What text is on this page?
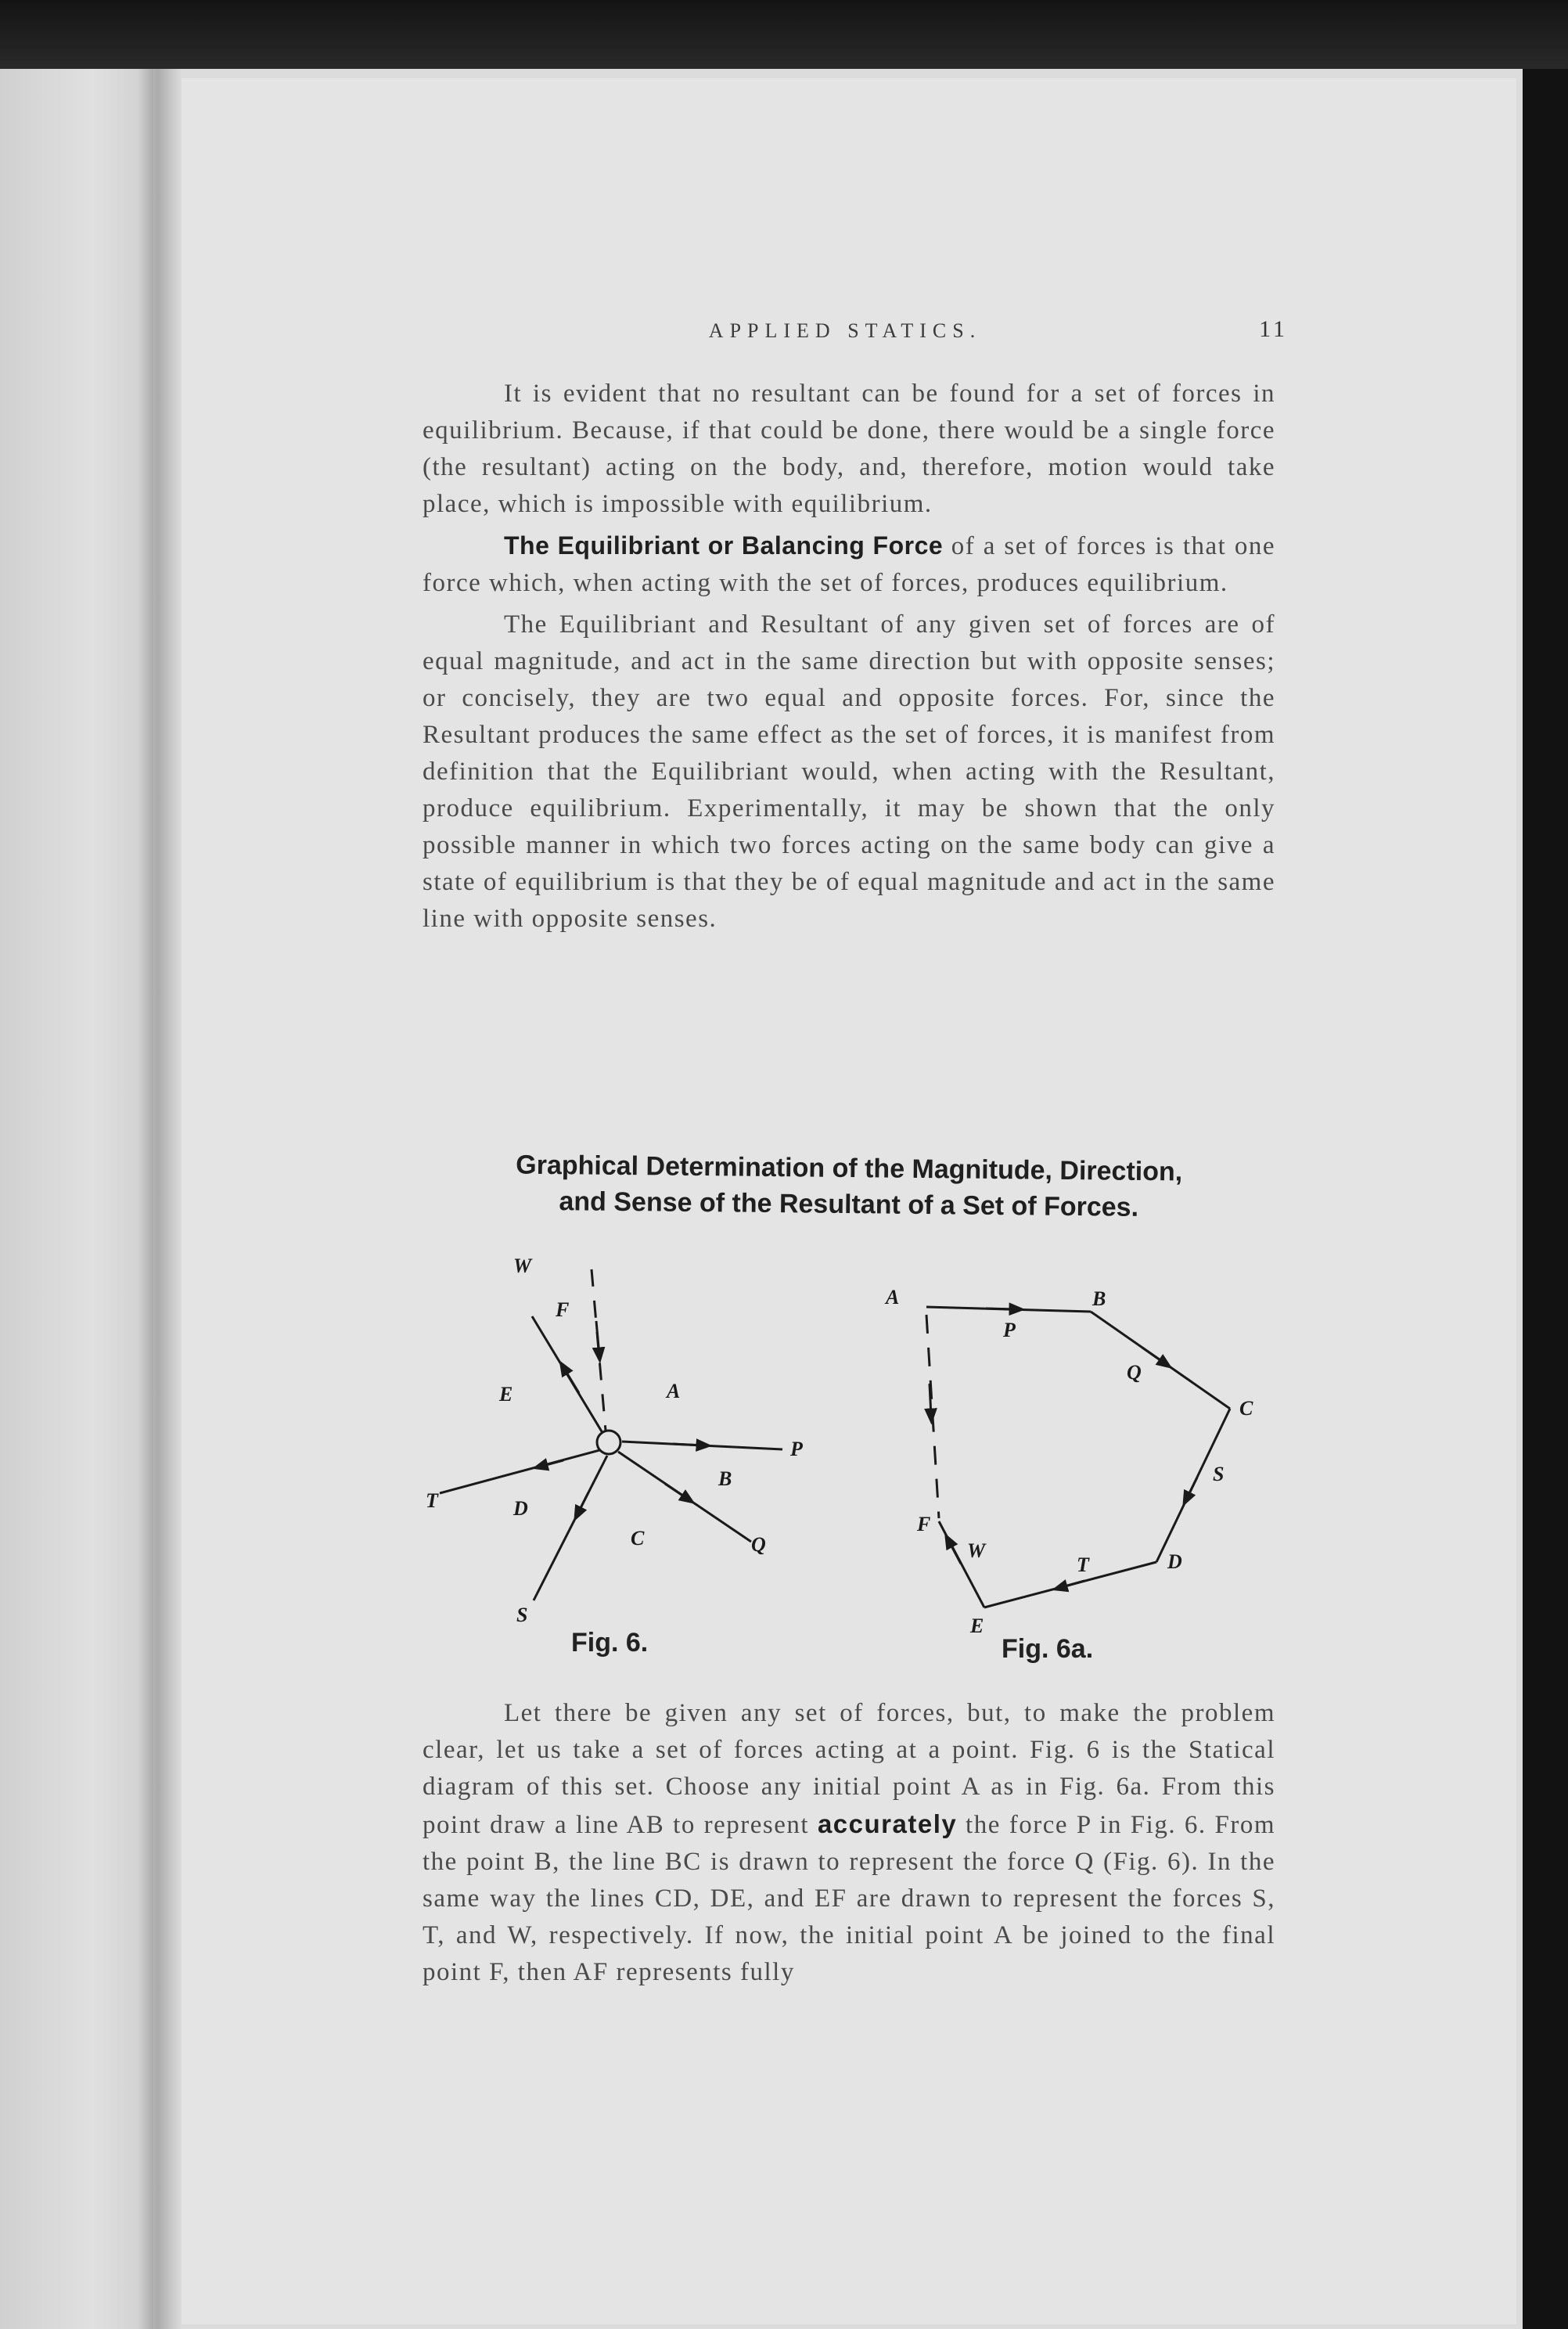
APPLIED STATICS.	11

It is evident that no resultant can be found for a set of forces in equilibrium. Because, if that could be done, there would be a single force (the resultant) acting on the body, and, therefore, motion would take place, which is impossible with equilibrium.

The Equilibriant or Balancing Force of a set of forces is that one force which, when acting with the set of forces, produces equilibrium.

The Equilibriant and Resultant of any given set of forces are of equal magnitude, and act in the same direction but with opposite senses; or concisely, they are two equal and opposite forces. For, since the Resultant produces the same effect as the set of forces, it is manifest from definition that the Equilibriant would, when acting with the Resultant, produce equilibrium. Experimentally, it may be shown that the only possible manner in which two forces acting on the same body can give a state of equilibrium is that they be of equal magnitude and act in the same line with opposite senses.

Graphical Determination of the Magnitude, Direction,
and Sense of the Resultant of a Set of Forces.
W
F
E	A
P
B
T	D
C	Q
S
A
P
B
Q
C
S
D
T
E
W
F
Fig. 6.	Fig. 6a.

Let there be given any set of forces, but, to make the problem clear, let us take a set of forces acting at a point. Fig. 6 is the Statical diagram of this set. Choose any initial point A as in Fig. 6a. From this point draw a line AB to represent accurately the force P in Fig. 6. From the point B, the line BC is drawn to represent the force Q (Fig. 6). In the same way the lines CD, DE, and EF are drawn to represent the forces S, T, and W, respectively. If now, the initial point A be joined to the final point F, then AF represents fully
